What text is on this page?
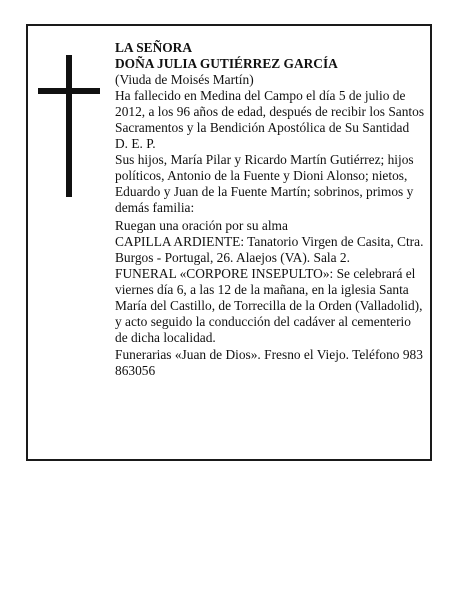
LA SEÑORA
DOÑA JULIA GUTIÉRREZ GARCÍA
(Viuda de Moisés Martín)
Ha fallecido en Medina del Campo el día 5 de julio de 2012, a los 96 años de edad, después de recibir los Santos Sacramentos y la Bendición Apostólica de Su Santidad
D. E. P.
Sus hijos, María Pilar y Ricardo Martín Gutiérrez; hijos políticos, Antonio de la Fuente y Dioni Alonso; nietos, Eduardo y Juan de la Fuente Martín; sobrinos, primos y demás familia:
Ruegan una oración por su alma
CAPILLA ARDIENTE: Tanatorio Virgen de Casita, Ctra. Burgos - Portugal, 26. Alaejos (VA). Sala 2.
FUNERAL «CORPORE INSEPULTO»: Se celebrará el viernes día 6, a las 12 de la mañana, en la iglesia Santa María del Castillo, de Torrecilla de la Orden (Valladolid), y acto seguido la conducción del cadáver al cementerio de dicha localidad.
Funerarias «Juan de Dios». Fresno el Viejo. Teléfono 983 863056
